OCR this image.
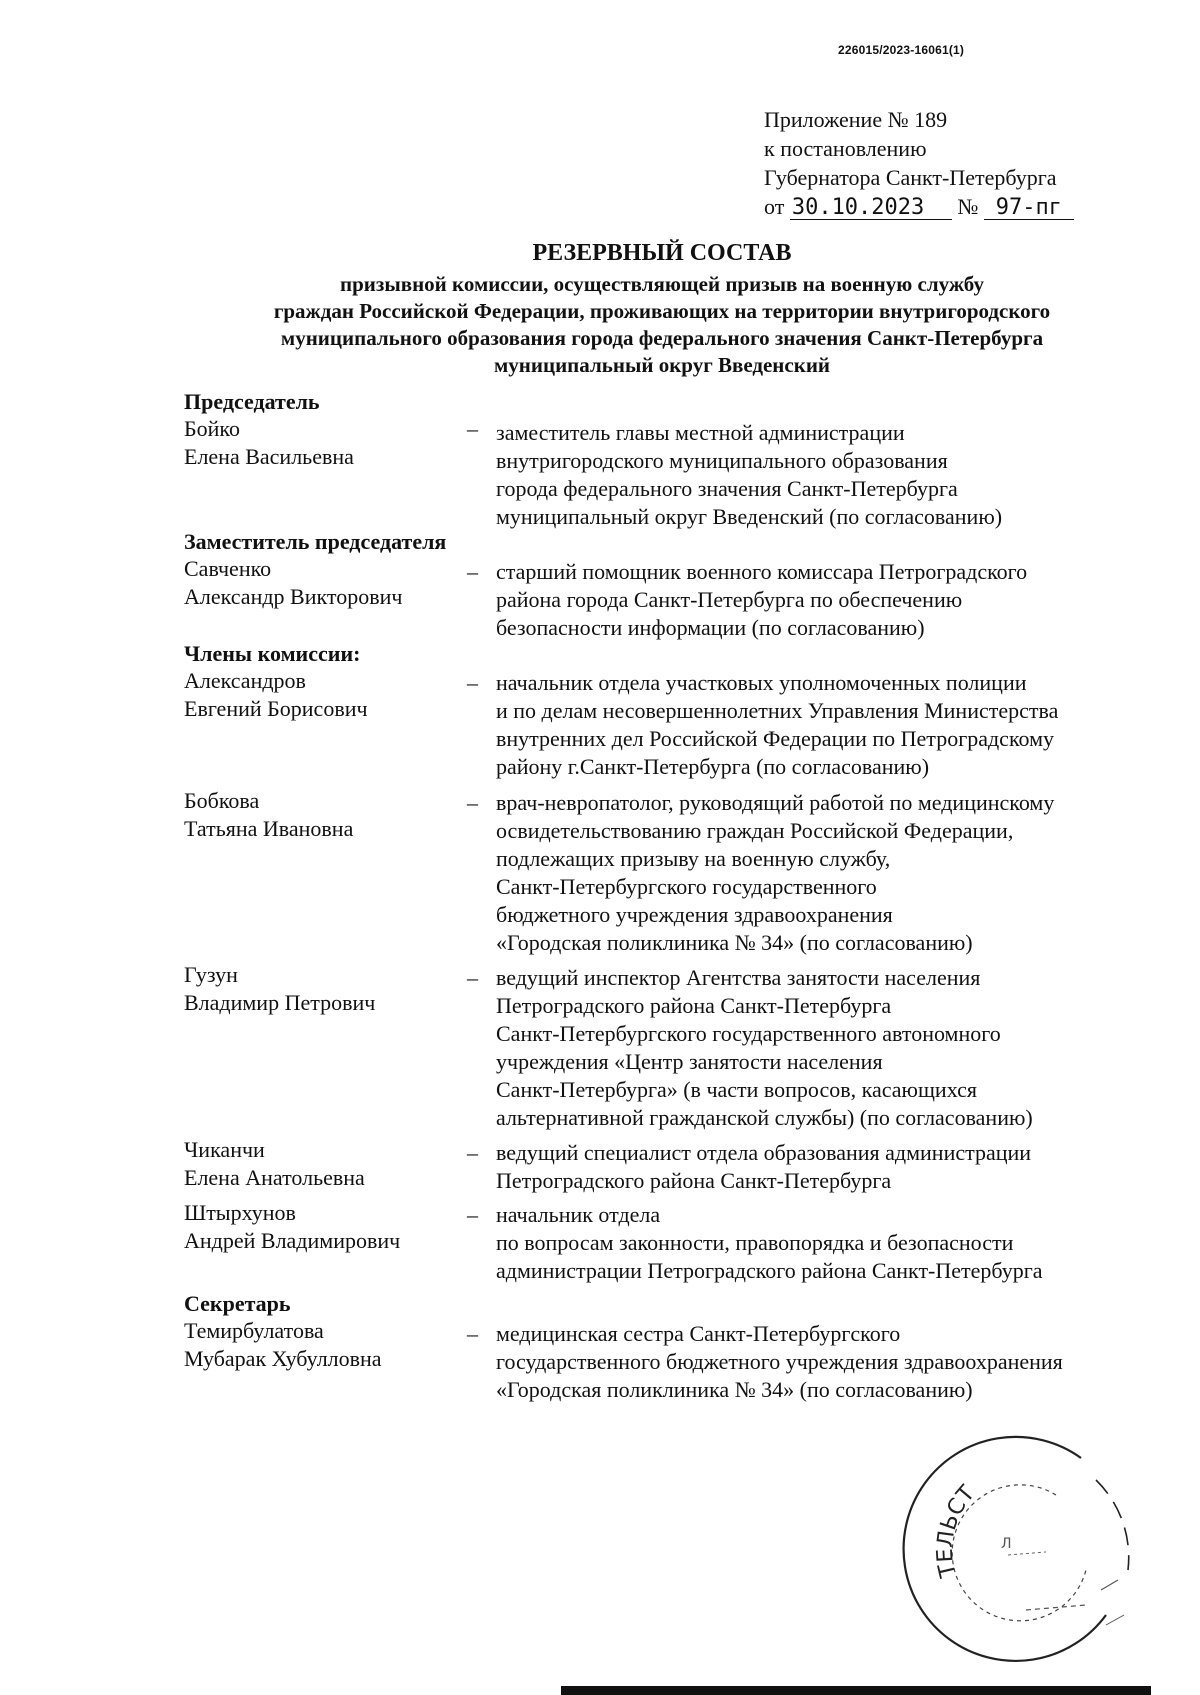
226015/2023-16061(1)
Приложение № 189
к постановлению
Губернатора Санкт-Петербурга
от 30.10.2023 № 97-пг
РЕЗЕРВНЫЙ СОСТАВ
призывной комиссии, осуществляющей призыв на военную службу
граждан Российской Федерации, проживающих на территории внутригородского
муниципального образования города федерального значения Санкт-Петербурга
муниципальный округ Введенский
Председатель
Бойко
Елена Васильевна
– заместитель главы местной администрации
внутригородского муниципального образования
города федерального значения Санкт-Петербурга
муниципальный округ Введенский (по согласованию)
Заместитель председателя
Савченко
Александр Викторович
– старший помощник военного комиссара Петроградского
района города Санкт-Петербурга по обеспечению
безопасности информации (по согласованию)
Члены комиссии:
Александров
Евгений Борисович
– начальник отдела участковых уполномоченных полиции
и по делам несовершеннолетних Управления Министерства
внутренних дел Российской Федерации по Петроградскому
району г.Санкт-Петербурга (по согласованию)
Бобкова
Татьяна Ивановна
– врач-невропатолог, руководящий работой по медицинскому
освидетельствованию граждан Российской Федерации,
подлежащих призыву на военную службу,
Санкт-Петербургского государственного
бюджетного учреждения здравоохранения
«Городская поликлиника № 34» (по согласованию)
Гузун
Владимир Петрович
– ведущий инспектор Агентства занятости населения
Петроградского района Санкт-Петербурга
Санкт-Петербургского государственного автономного
учреждения «Центр занятости населения
Санкт-Петербурга» (в части вопросов, касающихся
альтернативной гражданской службы) (по согласованию)
Чиканчи
Елена Анатольевна
– ведущий специалист отдела образования администрации
Петроградского района Санкт-Петербурга
Штырхунов
Андрей Владимирович
– начальник отдела
по вопросам законности, правопорядка и безопасности
администрации Петроградского района Санкт-Петербурга
Секретарь
Темирбулатова
Мубарак Хубулловна
– медицинская сестра Санкт-Петербургского
государственного бюджетного учреждения здравоохранения
«Городская поликлиника № 34» (по согласованию)
ТЕЛЬСТ
Л
